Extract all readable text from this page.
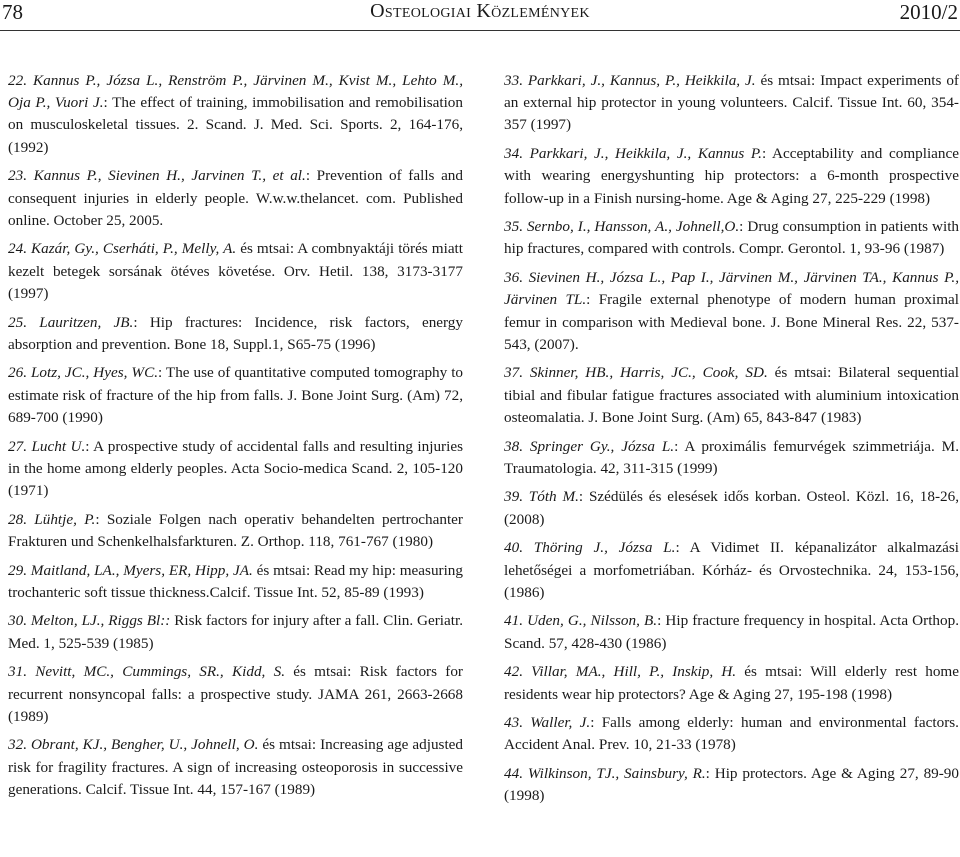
78	Osteologiai Közlemények	2010/2

22. Kannus P., Józsa L., Renström P., Järvinen M., Kvist M., Lehto M., Oja P., Vuori J.: The effect of training, immobilisation and remobilisation on musculoskeletal tissues. 2. Scand. J. Med. Sci. Sports. 2, 164-176, (1992)

23. Kannus P., Sievinen H., Jarvinen T., et al.: Prevention of falls and consequent injuries in elderly people. W.w.w.thelancet. com. Published online. October 25, 2005.

24. Kazár, Gy., Cserháti, P., Melly, A. és mtsai: A combnyaktáji törés miatt kezelt betegek sorsának ötéves követése. Orv. Hetil. 138, 3173-3177 (1997)

25. Lauritzen, JB.: Hip fractures: Incidence, risk factors, energy absorption and prevention. Bone 18, Suppl.1, S65-75 (1996)

26. Lotz, JC., Hyes, WC.: The use of quantitative computed tomography to estimate risk of fracture of the hip from falls. J. Bone Joint Surg. (Am) 72, 689-700 (1990)

27. Lucht U.: A prospective study of accidental falls and resulting injuries in the home among elderly peoples. Acta Socio-medica Scand. 2, 105-120 (1971)

28. Lühtje, P.: Soziale Folgen nach operativ behandelten pertrochanter Frakturen und Schenkelhalsfarkturen. Z. Orthop. 118, 761-767 (1980)

29. Maitland, LA., Myers, ER, Hipp, JA. és mtsai: Read my hip: measuring trochanteric soft tissue thickness.Calcif. Tissue Int. 52, 85-89 (1993)

30. Melton, LJ., Riggs Bl:: Risk factors for injury after a fall. Clin. Geriatr. Med. 1, 525-539 (1985)

31. Nevitt, MC., Cummings, SR., Kidd, S. és mtsai: Risk factors for recurrent nonsyncopal falls: a prospective study. JAMA 261, 2663-2668 (1989)

32. Obrant, KJ., Bengher, U., Johnell, O. és mtsai: Increasing age adjusted risk for fragility fractures. A sign of increasing osteoporosis in successive generations. Calcif. Tissue Int. 44, 157-167 (1989)

33. Parkkari, J., Kannus, P., Heikkila, J. és mtsai: Impact experiments of an external hip protector in young volunteers. Calcif. Tissue Int. 60, 354-357 (1997)

34. Parkkari, J., Heikkila, J., Kannus P.: Acceptability and compliance with wearing energyshunting hip protectors: a 6-month prospective follow-up in a Finish nursing-home. Age & Aging 27, 225-229 (1998)

35. Sernbo, I., Hansson, A., Johnell,O.: Drug consumption in patients with hip fractures, compared with controls. Compr. Gerontol. 1, 93-96 (1987)

36. Sievinen H., Józsa L., Pap I., Järvinen M., Järvinen TA., Kannus P., Järvinen TL.: Fragile external phenotype of modern human proximal femur in comparison with Medieval bone. J. Bone Mineral Res. 22, 537-543, (2007).

37. Skinner, HB., Harris, JC., Cook, SD. és mtsai: Bilateral sequential tibial and fibular fatigue fractures associated with aluminium intoxication osteomalatia. J. Bone Joint Surg. (Am) 65, 843-847 (1983)

38. Springer Gy., Józsa L.: A proximális femurvégek szimmetriája. M. Traumatologia. 42, 311-315 (1999)

39. Tóth M.: Szédülés és elesések idős korban. Osteol. Közl. 16, 18-26, (2008)

40. Thöring J., Józsa L.: A Vidimet II. képanalizátor alkalmazási lehetőségei a morfometriában. Kórház- és Orvostechnika. 24, 153-156, (1986)

41. Uden, G., Nilsson, B.: Hip fracture frequency in hospital. Acta Orthop. Scand. 57, 428-430 (1986)

42. Villar, MA., Hill, P., Inskip, H. és mtsai: Will elderly rest home residents wear hip protectors? Age & Aging 27, 195-198 (1998)

43. Waller, J.: Falls among elderly: human and environmental factors. Accident Anal. Prev. 10, 21-33 (1978)

44. Wilkinson, TJ., Sainsbury, R.: Hip protectors. Age & Aging 27, 89-90 (1998)
